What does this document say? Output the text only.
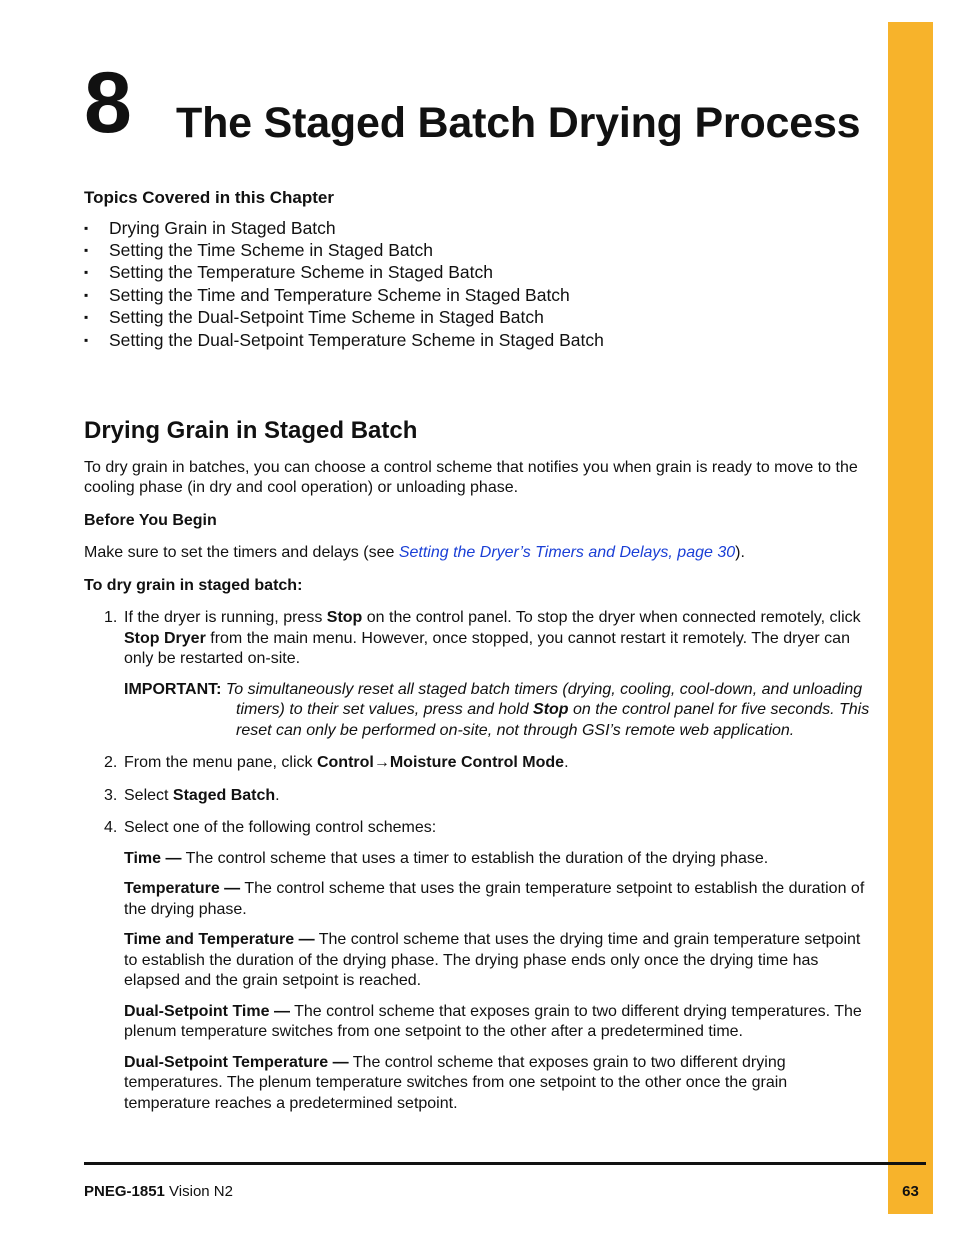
8 The Staged Batch Drying Process
Topics Covered in this Chapter
▪ Drying Grain in Staged Batch
▪ Setting the Time Scheme in Staged Batch
▪ Setting the Temperature Scheme in Staged Batch
▪ Setting the Time and Temperature Scheme in Staged Batch
▪ Setting the Dual-Setpoint Time Scheme in Staged Batch
▪ Setting the Dual-Setpoint Temperature Scheme in Staged Batch
Drying Grain in Staged Batch

To dry grain in batches, you can choose a control scheme that notifies you when grain is ready to move to the cooling phase (in dry and cool operation) or unloading phase.

Before You Begin

Make sure to set the timers and delays (see Setting the Dryer’s Timers and Delays, page 30).

To dry grain in staged batch:
1. If the dryer is running, press Stop on the control panel. To stop the dryer when connected remotely, click Stop Dryer from the main menu. However, once stopped, you cannot restart it remotely. The dryer can only be restarted on-site.
IMPORTANT: To simultaneously reset all staged batch timers (drying, cooling, cool-down, and unloading timers) to their set values, press and hold Stop on the control panel for five seconds. This reset can only be performed on-site, not through GSI’s remote web application.
2. From the menu pane, click Control→Moisture Control Mode.
3. Select Staged Batch.
4. Select one of the following control schemes:
Time — The control scheme that uses a timer to establish the duration of the drying phase.
Temperature — The control scheme that uses the grain temperature setpoint to establish the duration of the drying phase.
Time and Temperature — The control scheme that uses the drying time and grain temperature setpoint to establish the duration of the drying phase. The drying phase ends only once the drying time has elapsed and the grain setpoint is reached.
Dual-Setpoint Time — The control scheme that exposes grain to two different drying temperatures. The plenum temperature switches from one setpoint to the other after a predetermined time.
Dual-Setpoint Temperature — The control scheme that exposes grain to two different drying temperatures. The plenum temperature switches from one setpoint to the other once the grain temperature reaches a predetermined setpoint.
PNEG-1851 Vision N2	63
